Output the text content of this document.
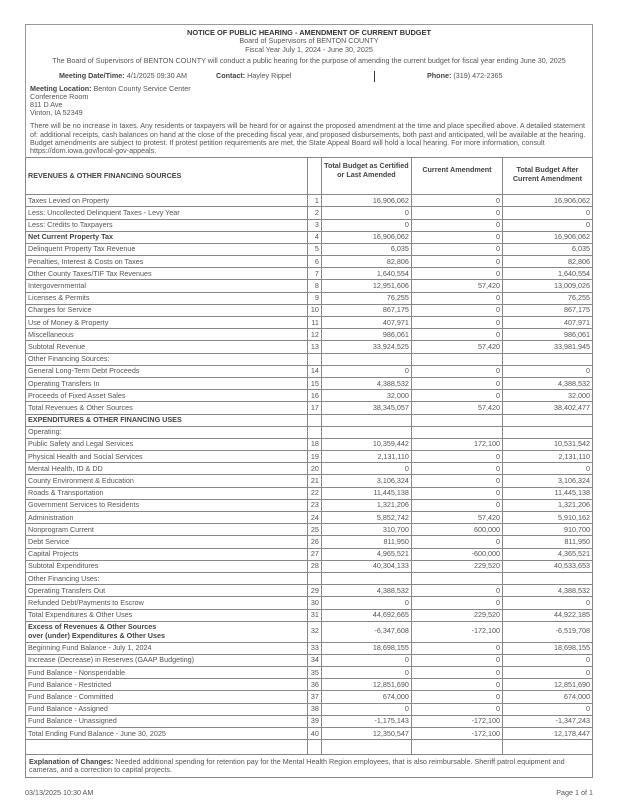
NOTICE OF PUBLIC HEARING - AMENDMENT OF CURRENT BUDGET
Board of Supervisors of BENTON COUNTY
Fiscal Year July 1, 2024 - June 30, 2025
The Board of Supervisors of BENTON COUNTY will conduct a public hearing for the purpose of amending the current budget for fiscal year ending June 30, 2025
Meeting Date/Time: 4/1/2025 09:30 AM	Contact: Hayley Rippel	Phone: (319) 472-2365
Meeting Location: Benton County Service Center
Conference Room
811 D Ave
Vinton, IA 52349
There will be no increase in taxes. Any residents or taxpayers will be heard for or against the proposed amendment at the time and place specified above. A detailed statement of: additional receipts, cash balances on hand at the close of the preceding fiscal year, and proposed disbursements, both past and anticipated, will be available at the hearing. Budget amendments are subject to protest. If protest petition requirements are met, the State Appeal Board will hold a local hearing. For more information, consult https://dom.iowa.gov/local-gov-appeals.
REVENUES & OTHER FINANCING SOURCES		Total Budget as Certified or Last Amended	Current Amendment	Total Budget After Current Amendment
Taxes Levied on Property	1	16,906,062	0	16,906,062
Less: Uncollected Delinquent Taxes - Levy Year	2	0	0	0
Less: Credits to Taxpayers	3	0	0	0
Net Current Property Tax	4	16,906,062	0	16,906,062
Delinquent Property Tax Revenue	5	6,035	0	6,035
Penalties, Interest & Costs on Taxes	6	82,806	0	82,806
Other County Taxes/TIF Tax Revenues	7	1,640,554	0	1,640,554
Intergovernmental	8	12,951,606	57,420	13,009,026
Licenses & Permits	9	76,255	0	76,255
Charges for Service	10	867,175	0	867,175
Use of Money & Property	11	407,971	0	407,971
Miscellaneous	12	986,061	0	986,061
Subtotal Revenue	13	33,924,525	57,420	33,981,945
Other Financing Sources:				
General Long-Term Debt Proceeds	14	0	0	0
Operating Transfers In	15	4,388,532	0	4,388,532
Proceeds of Fixed Asset Sales	16	32,000	0	32,000
Total Revenues & Other Sources	17	38,345,057	57,420	38,402,477
EXPENDITURES & OTHER FINANCING USES				
Operating:				
Public Safety and Legal Services	18	10,359,442	172,100	10,531,542
Physical Health and Social Services	19	2,131,110	0	2,131,110
Mental Health, ID & DD	20	0	0	0
County Environment & Education	21	3,106,324	0	3,106,324
Roads & Transportation	22	11,445,138	0	11,445,138
Government Services to Residents	23	1,321,206	0	1,321,206
Administration	24	5,852,742	57,420	5,910,162
Nonprogram Current	25	310,700	600,000	910,700
Debt Service	26	811,950	0	811,950
Capital Projects	27	4,965,521	-600,000	4,365,521
Subtotal Expenditures	28	40,304,133	229,520	40,533,653
Other Financing Uses:				
Operating Transfers Out	29	4,388,532	0	4,388,532
Refunded Debt/Payments to Escrow	30	0	0	0
Total Expenditures & Other Uses	31	44,692,665	229,520	44,922,185

Excess of Revenues & Other Sources
over (under) Expenditures & Other Uses	32	-6,347,608	-172,100	-6,519,708
Beginning Fund Balance - July 1, 2024	33	18,698,155	0	18,698,155
Increase (Decrease) in Reserves (GAAP Budgeting)	34	0	0	0
Fund Balance - Nonspendable	35	0	0	0
Fund Balance - Restricted	36	12,851,690	0	12,851,690
Fund Balance - Committed	37	674,000	0	674,000
Fund Balance - Assigned	38	0	0	0
Fund Balance - Unassigned	39	-1,175,143	-172,100	-1,347,243
Total Ending Fund Balance - June 30, 2025	40	12,350,547	-172,100	12,178,447

Explanation of Changes: Needed additional spending for retention pay for the Mental Health Region employees, that is also reimbursable. Sheriff patrol equipment and cameras, and a correction to capital projects.
03/13/2025 10:30 AM	Page 1 of 1
